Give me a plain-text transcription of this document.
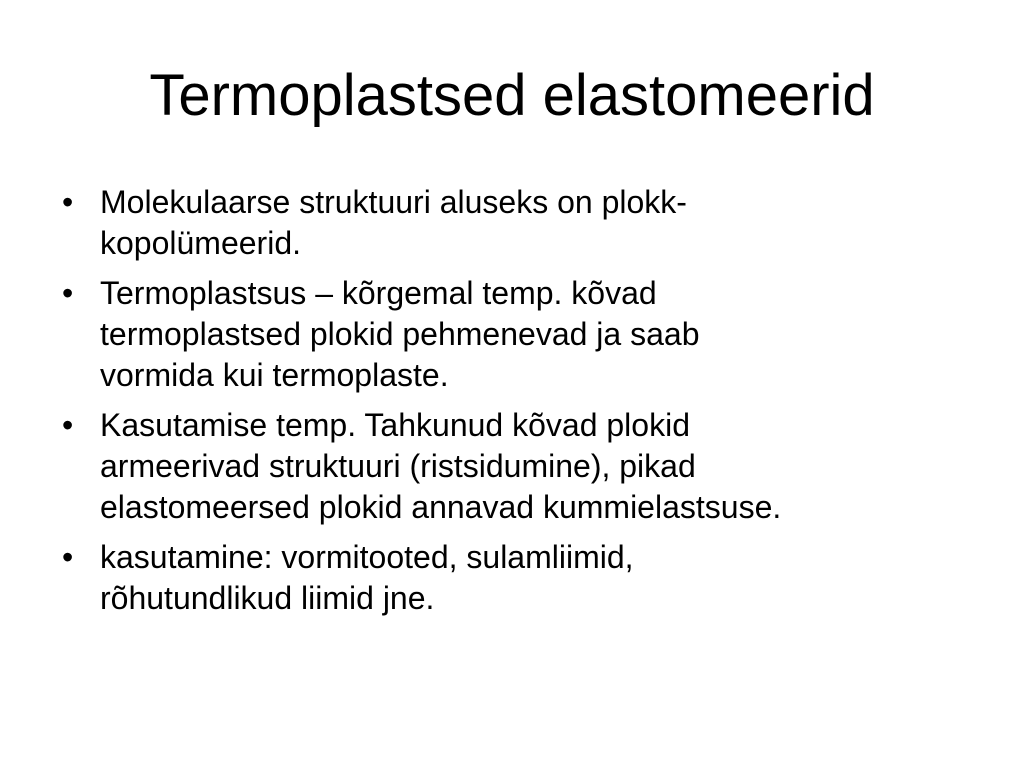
Termoplastsed elastomeerid
• Molekulaarse struktuuri aluseks on plokk-
kopolümeerid.
• Termoplastsus – kõrgemal temp. kõvad
termoplastsed plokid pehmenevad ja saab
vormida kui termoplaste.
• Kasutamise temp. Tahkunud kõvad plokid
armeerivad struktuuri (ristsidumine), pikad
elastomeersed plokid annavad kummielastsuse.
• kasutamine: vormitooted, sulamliimid,
rõhutundlikud liimid jne.
